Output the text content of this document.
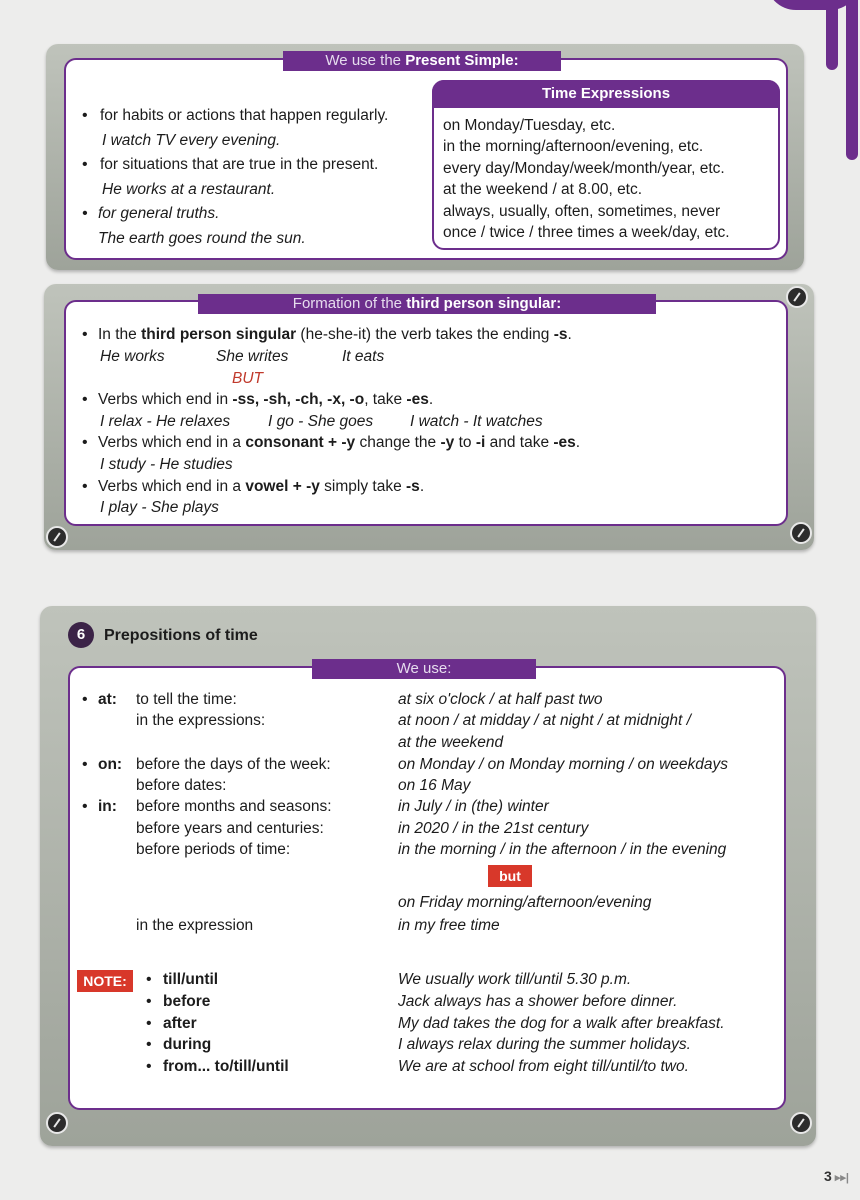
We use the Present Simple:
• for habits or actions that happen regularly.
I watch TV every evening.
• for situations that are true in the present.
He works at a restaurant.
• for general truths.
The earth goes round the sun.
Time Expressions
on Monday/Tuesday, etc.
in the morning/afternoon/evening, etc.
every day/Monday/week/month/year, etc.
at the weekend / at 8.00, etc.
always, usually, often, sometimes, never
once / twice / three times a week/day, etc.
Formation of the third person singular:
• In the third person singular (he-she-it) the verb takes the ending -s.
He works	She writes	It eats
BUT
• Verbs which end in -ss, -sh, -ch, -x, -o, take -es.
I relax - He relaxes I go - She goes I watch - It watches
• Verbs which end in a consonant + -y change the -y to -i and take -es.
I study - He studies
• Verbs which end in a vowel + -y simply take -s.
I play - She plays
6	Prepositions of time
We use:
• at: to tell the time:	at six o'clock / at half past two
in the expressions:	at noon / at midday / at night / at midnight /
at the weekend
• on: before the days of the week:	on Monday / on Monday morning / on weekdays
before dates:	on 16 May
• in: before months and seasons:	in July / in (the) winter
before years and centuries:	in 2020 / in the 21st century
before periods of time:	in the morning / in the afternoon / in the evening
but
on Friday morning/afternoon/evening
in the expression	in my free time
NOTE:	• till/until	We usually work till/until 5.30 p.m.
• before	Jack always has a shower before dinner.
• after	My dad takes the dog for a walk after breakfast.
• during	I always relax during the summer holidays.
• from... to/till/until	We are at school from eight till/until/to two.
3 ▸▸|
